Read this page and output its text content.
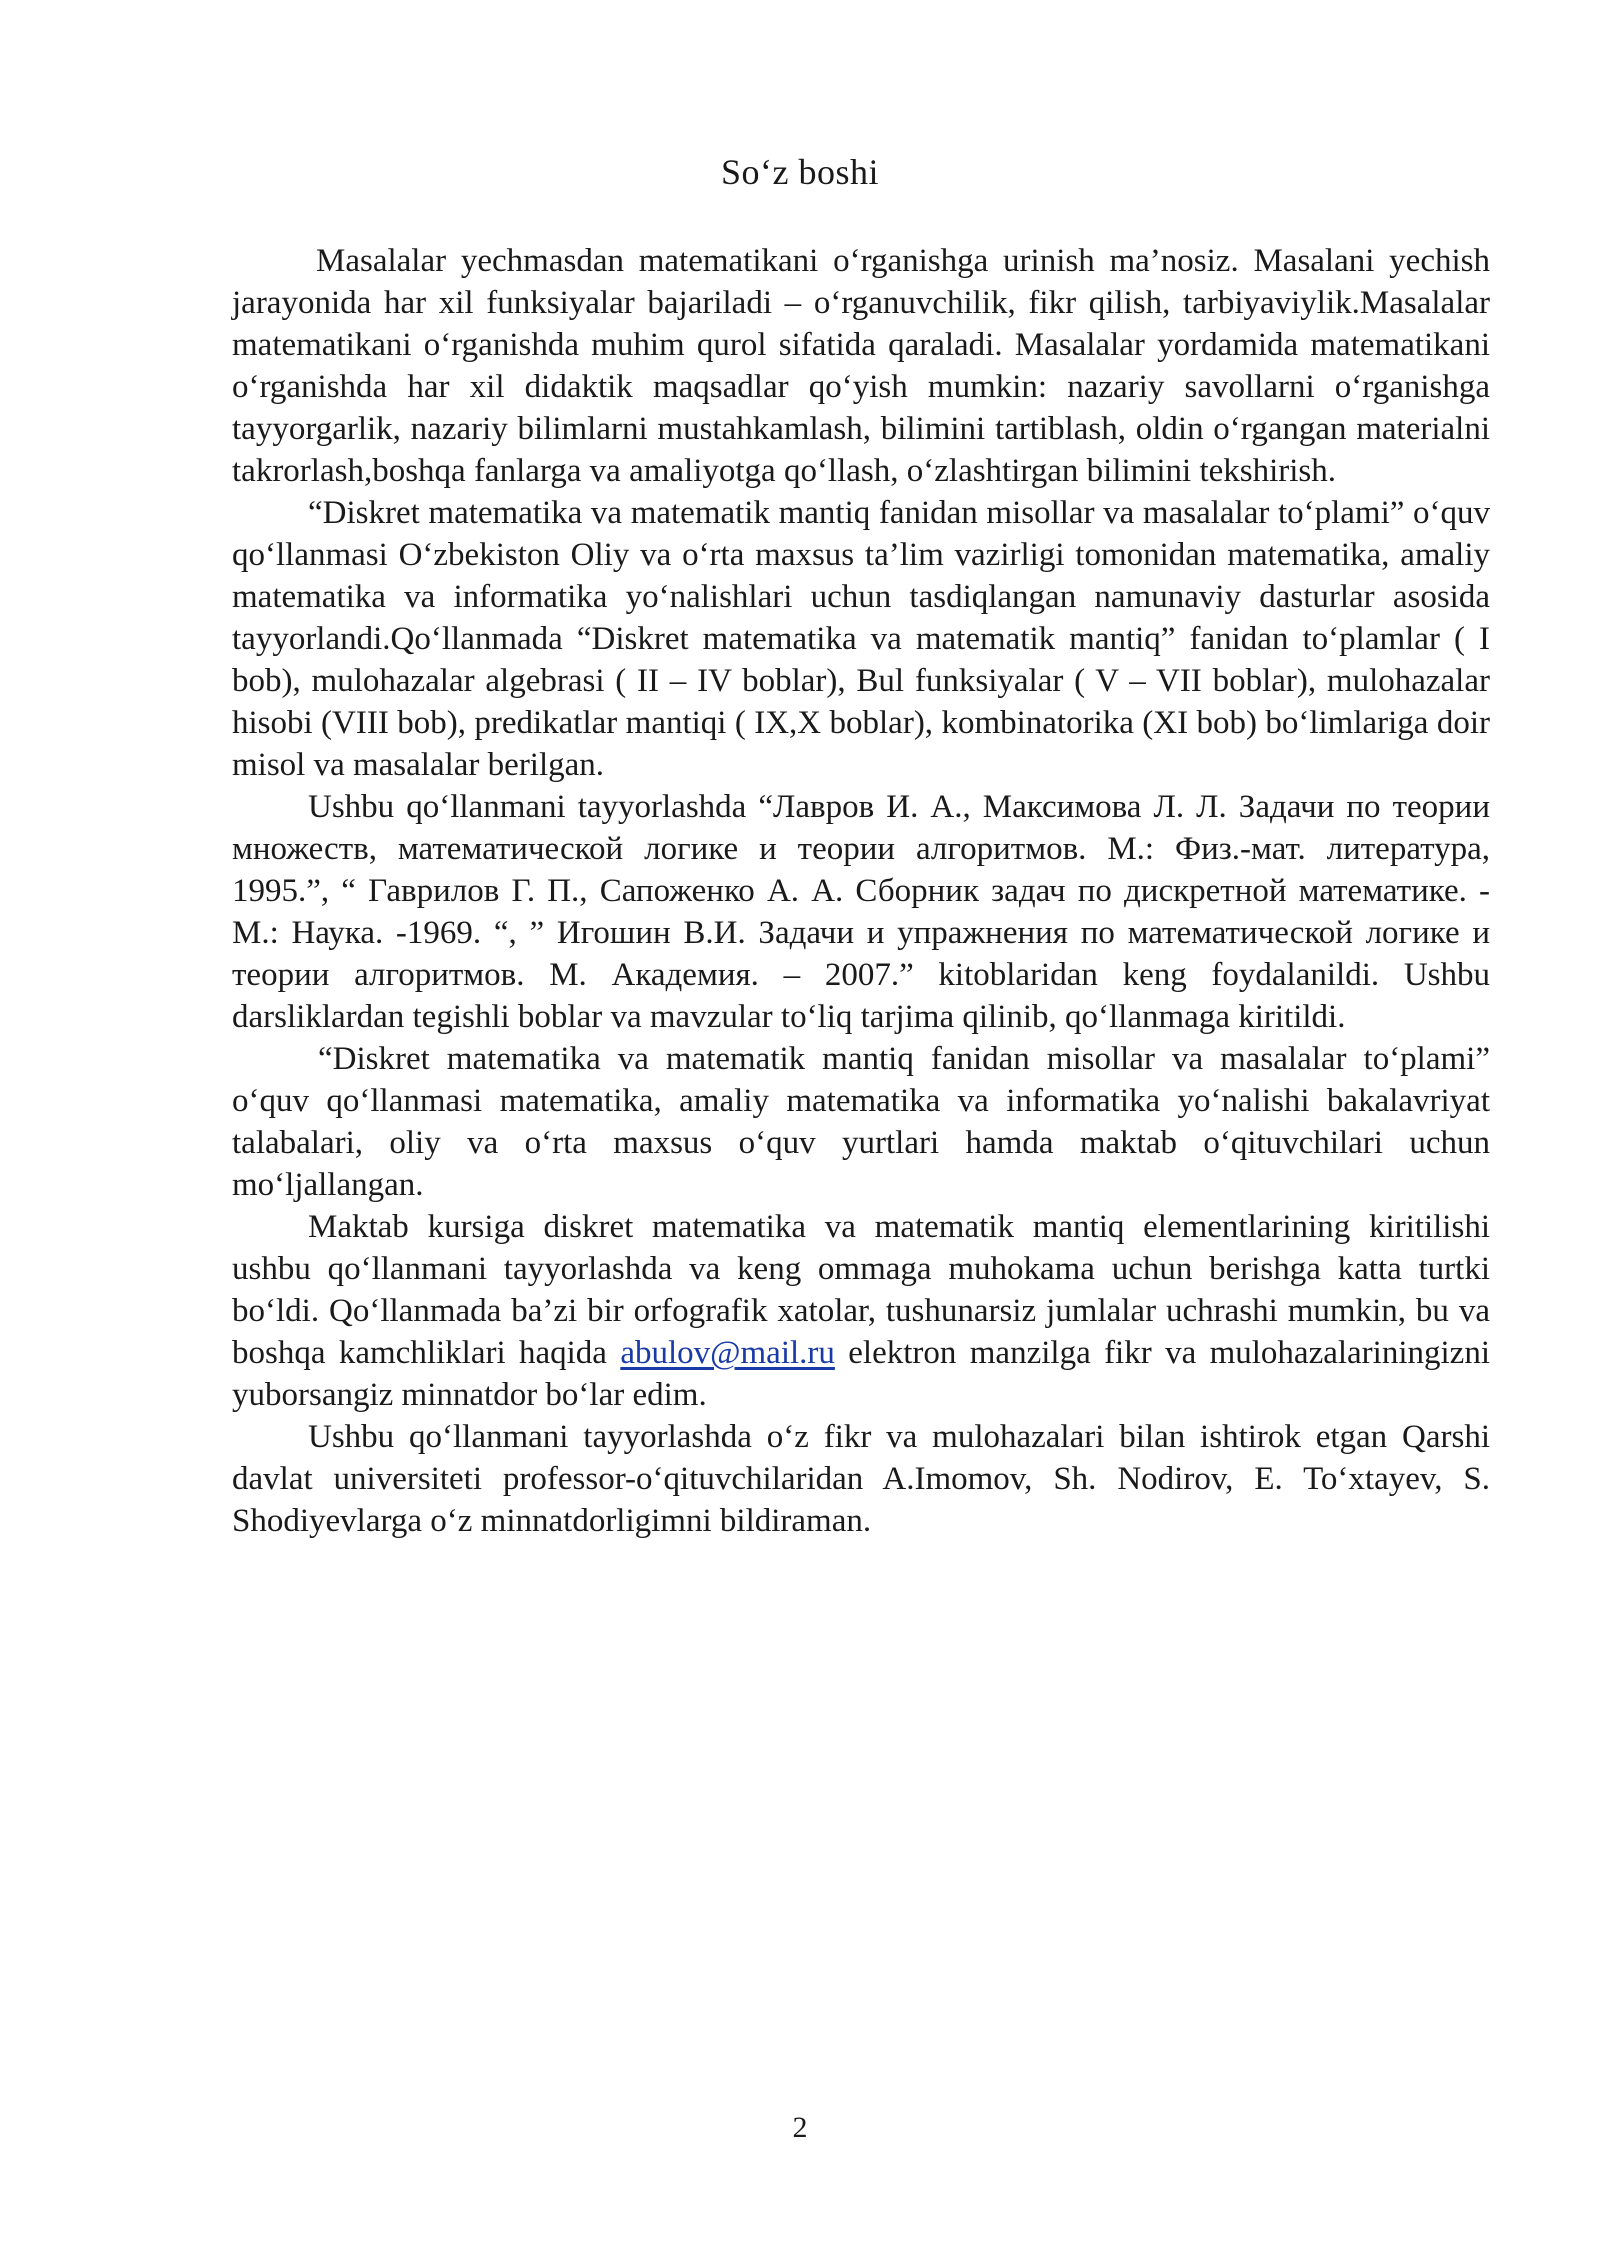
So‘z boshi

Masalalar yechmasdan matematikani o‘rganishga urinish ma’nosiz. Masalani yechish jarayonida har xil funksiyalar bajariladi – o‘rganuvchilik, fikr qilish, tarbiyaviylik.Masalalar matematikani o‘rganishda muhim qurol sifatida qaraladi. Masalalar yordamida matematikani o‘rganishda har xil didaktik maqsadlar qo‘yish mumkin: nazariy savollarni o‘rganishga tayyorgarlik, nazariy bilimlarni mustahkamlash, bilimini tartiblash, oldin o‘rgangan materialni takrorlash,boshqa fanlarga va amaliyotga qo‘llash, o‘zlashtirgan bilimini tekshirish.

“Diskret matematika va matematik mantiq fanidan misollar va masalalar to‘plami” o‘quv qo‘llanmasi O‘zbekiston Oliy va o‘rta maxsus ta’lim vazirligi tomonidan matematika, amaliy matematika va informatika yo‘nalishlari uchun tasdiqlangan namunaviy dasturlar asosida tayyorlandi.Qo‘llanmada “Diskret matematika va matematik mantiq” fanidan to‘plamlar ( I bob), mulohazalar algebrasi ( II – IV boblar), Bul funksiyalar ( V – VII boblar), mulohazalar hisobi (VIII bob), predikatlar mantiqi ( IX,X boblar), kombinatorika (XI bob) bo‘limlariga doir misol va masalalar berilgan.

Ushbu qo‘llanmani tayyorlashda “Лавров И. А., Максимова Л. Л. Задачи по теории множеств, математической логике и теории алгоритмов. М.: Физ.-мат. литература, 1995.”, “ Гаврилов Г. П., Сапоженко А. А. Сборник задач по дискретной математике. - М.: Наука. -1969. “, ” Игошин В.И. Задачи и упражнения по математической логике и теории алгоритмов. М. Академия. – 2007.” kitoblaridan keng foydalanildi. Ushbu darsliklardan tegishli boblar va mavzular to‘liq tarjima qilinib, qo‘llanmaga kiritildi.

“Diskret matematika va matematik mantiq fanidan misollar va masalalar to‘plami” o‘quv qo‘llanmasi matematika, amaliy matematika va informatika yo‘nalishi bakalavriyat talabalari, oliy va o‘rta maxsus o‘quv yurtlari hamda maktab o‘qituvchilari uchun mo‘ljallangan.

Maktab kursiga diskret matematika va matematik mantiq elementlarining kiritilishi ushbu qo‘llanmani tayyorlashda va keng ommaga muhokama uchun berishga katta turtki bo‘ldi. Qo‘llanmada ba’zi bir orfografik xatolar, tushunarsiz jumlalar uchrashi mumkin, bu va boshqa kamchliklari haqida abulov@mail.ru elektron manzilga fikr va mulohazalariningizni yuborsangiz minnatdor bo‘lar edim.

Ushbu qo‘llanmani tayyorlashda o‘z fikr va mulohazalari bilan ishtirok etgan Qarshi davlat universiteti professor-o‘qituvchilaridan A.Imomov, Sh. Nodirov, E. To‘xtayev, S. Shodiyevlarga o‘z minnatdorligimni bildiraman.

2
